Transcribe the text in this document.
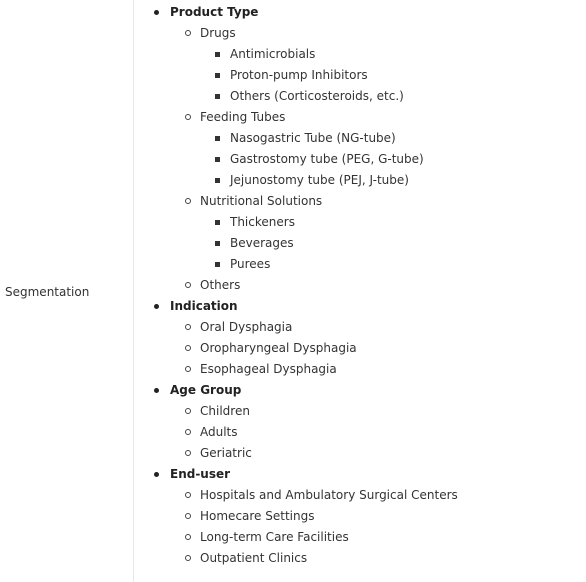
Segmentation
Product Type
Drugs
Antimicrobials
Proton-pump Inhibitors
Others (Corticosteroids, etc.)
Feeding Tubes
Nasogastric Tube (NG-tube)
Gastrostomy tube (PEG, G-tube)
Jejunostomy tube (PEJ, J-tube)
Nutritional Solutions
Thickeners
Beverages
Purees
Others
Indication
Oral Dysphagia
Oropharyngeal Dysphagia
Esophageal Dysphagia
Age Group
Children
Adults
Geriatric
End-user
Hospitals and Ambulatory Surgical Centers
Homecare Settings
Long-term Care Facilities
Outpatient Clinics
